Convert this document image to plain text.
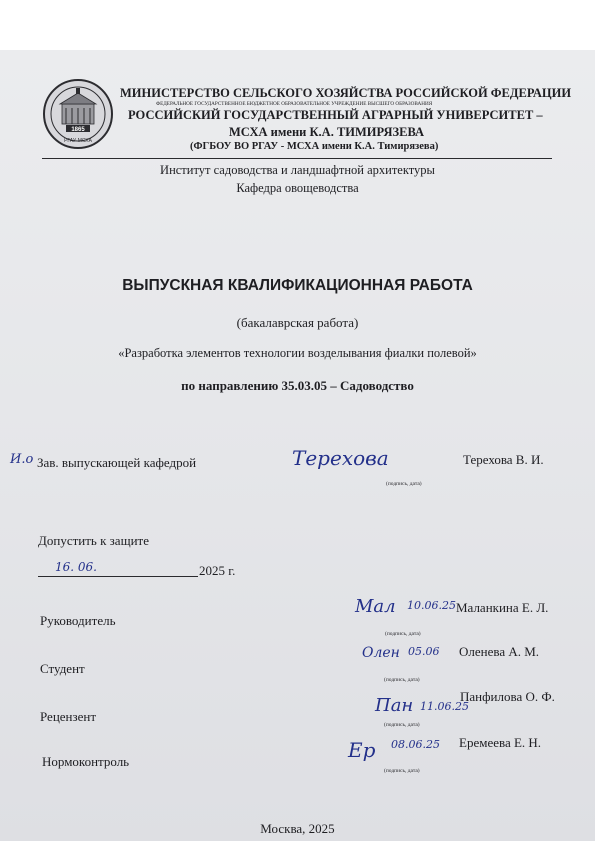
1865
РГАУ-МСХА
МИНИСТЕРСТВО СЕЛЬСКОГО ХОЗЯЙСТВА РОССИЙСКОЙ ФЕДЕРАЦИИ
ФЕДЕРАЛЬНОЕ ГОСУДАРСТВЕННОЕ БЮДЖЕТНОЕ ОБРАЗОВАТЕЛЬНОЕ УЧРЕЖДЕНИЕ ВЫСШЕГО ОБРАЗОВАНИЯ
РОССИЙСКИЙ ГОСУДАРСТВЕННЫЙ АГРАРНЫЙ УНИВЕРСИТЕТ –
МСХА имени К.А. ТИМИРЯЗЕВА
(ФГБОУ ВО РГАУ - МСХА имени К.А. Тимирязева)
Институт садоводства и ландшафтной архитектуры
Кафедра овощеводства
ВЫПУСКНАЯ КВАЛИФИКАЦИОННАЯ РАБОТА
(бакалаврская работа)
«Разработка элементов технологии возделывания фиалки полевой»
по направлению 35.03.05 – Садоводство
И.о Зав. выпускающей кафедрой	Терехова
(подпись, дата)
Терехова В. И.
Допустить к защите
16. 06.	2025 г.
Руководитель
Мал 10.06.25
(подпись, дата)
Маланкина Е. Л.
Студент
Олен 05.06
(подпись, дата)
Оленева А. М.
Рецензент
Пан 11.06.25
(подпись, дата)
Панфилова О. Ф.
Нормоконтроль	Ер 08.06.25
(подпись, дата)
Еремеева Е. Н.
Москва, 2025
